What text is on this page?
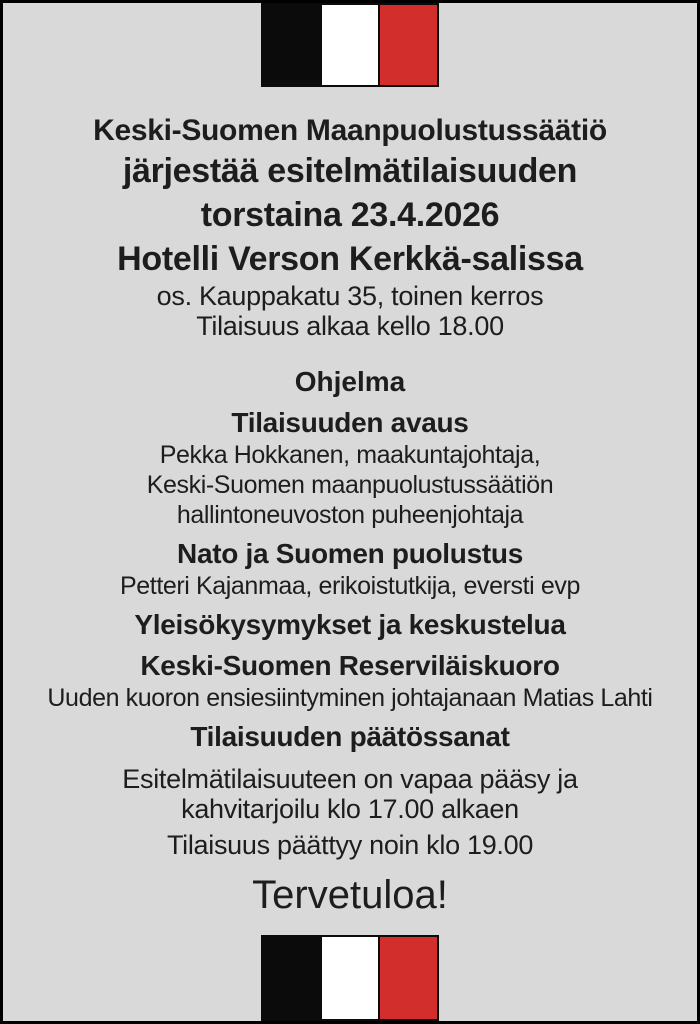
Keski-Suomen Maanpuolustussäätiö
järjestää esitelmätilaisuuden
torstaina 23.4.2026
Hotelli Verson Kerkkä-salissa
os. Kauppakatu 35, toinen kerros
Tilaisuus alkaa kello 18.00
Ohjelma
Tilaisuuden avaus
Pekka Hokkanen, maakuntajohtaja,
Keski-Suomen maanpuolustussäätiön
hallintoneuvoston puheenjohtaja
Nato ja Suomen puolustus
Petteri Kajanmaa, erikoistutkija, eversti evp
Yleisökysymykset ja keskustelua
Keski-Suomen Reserviläiskuoro
Uuden kuoron ensiesiintyminen johtajanaan Matias Lahti
Tilaisuuden päätössanat
Esitelmätilaisuuteen on vapaa pääsy ja
kahvitarjoilu klo 17.00 alkaen
Tilaisuus päättyy noin klo 19.00
Tervetuloa!
